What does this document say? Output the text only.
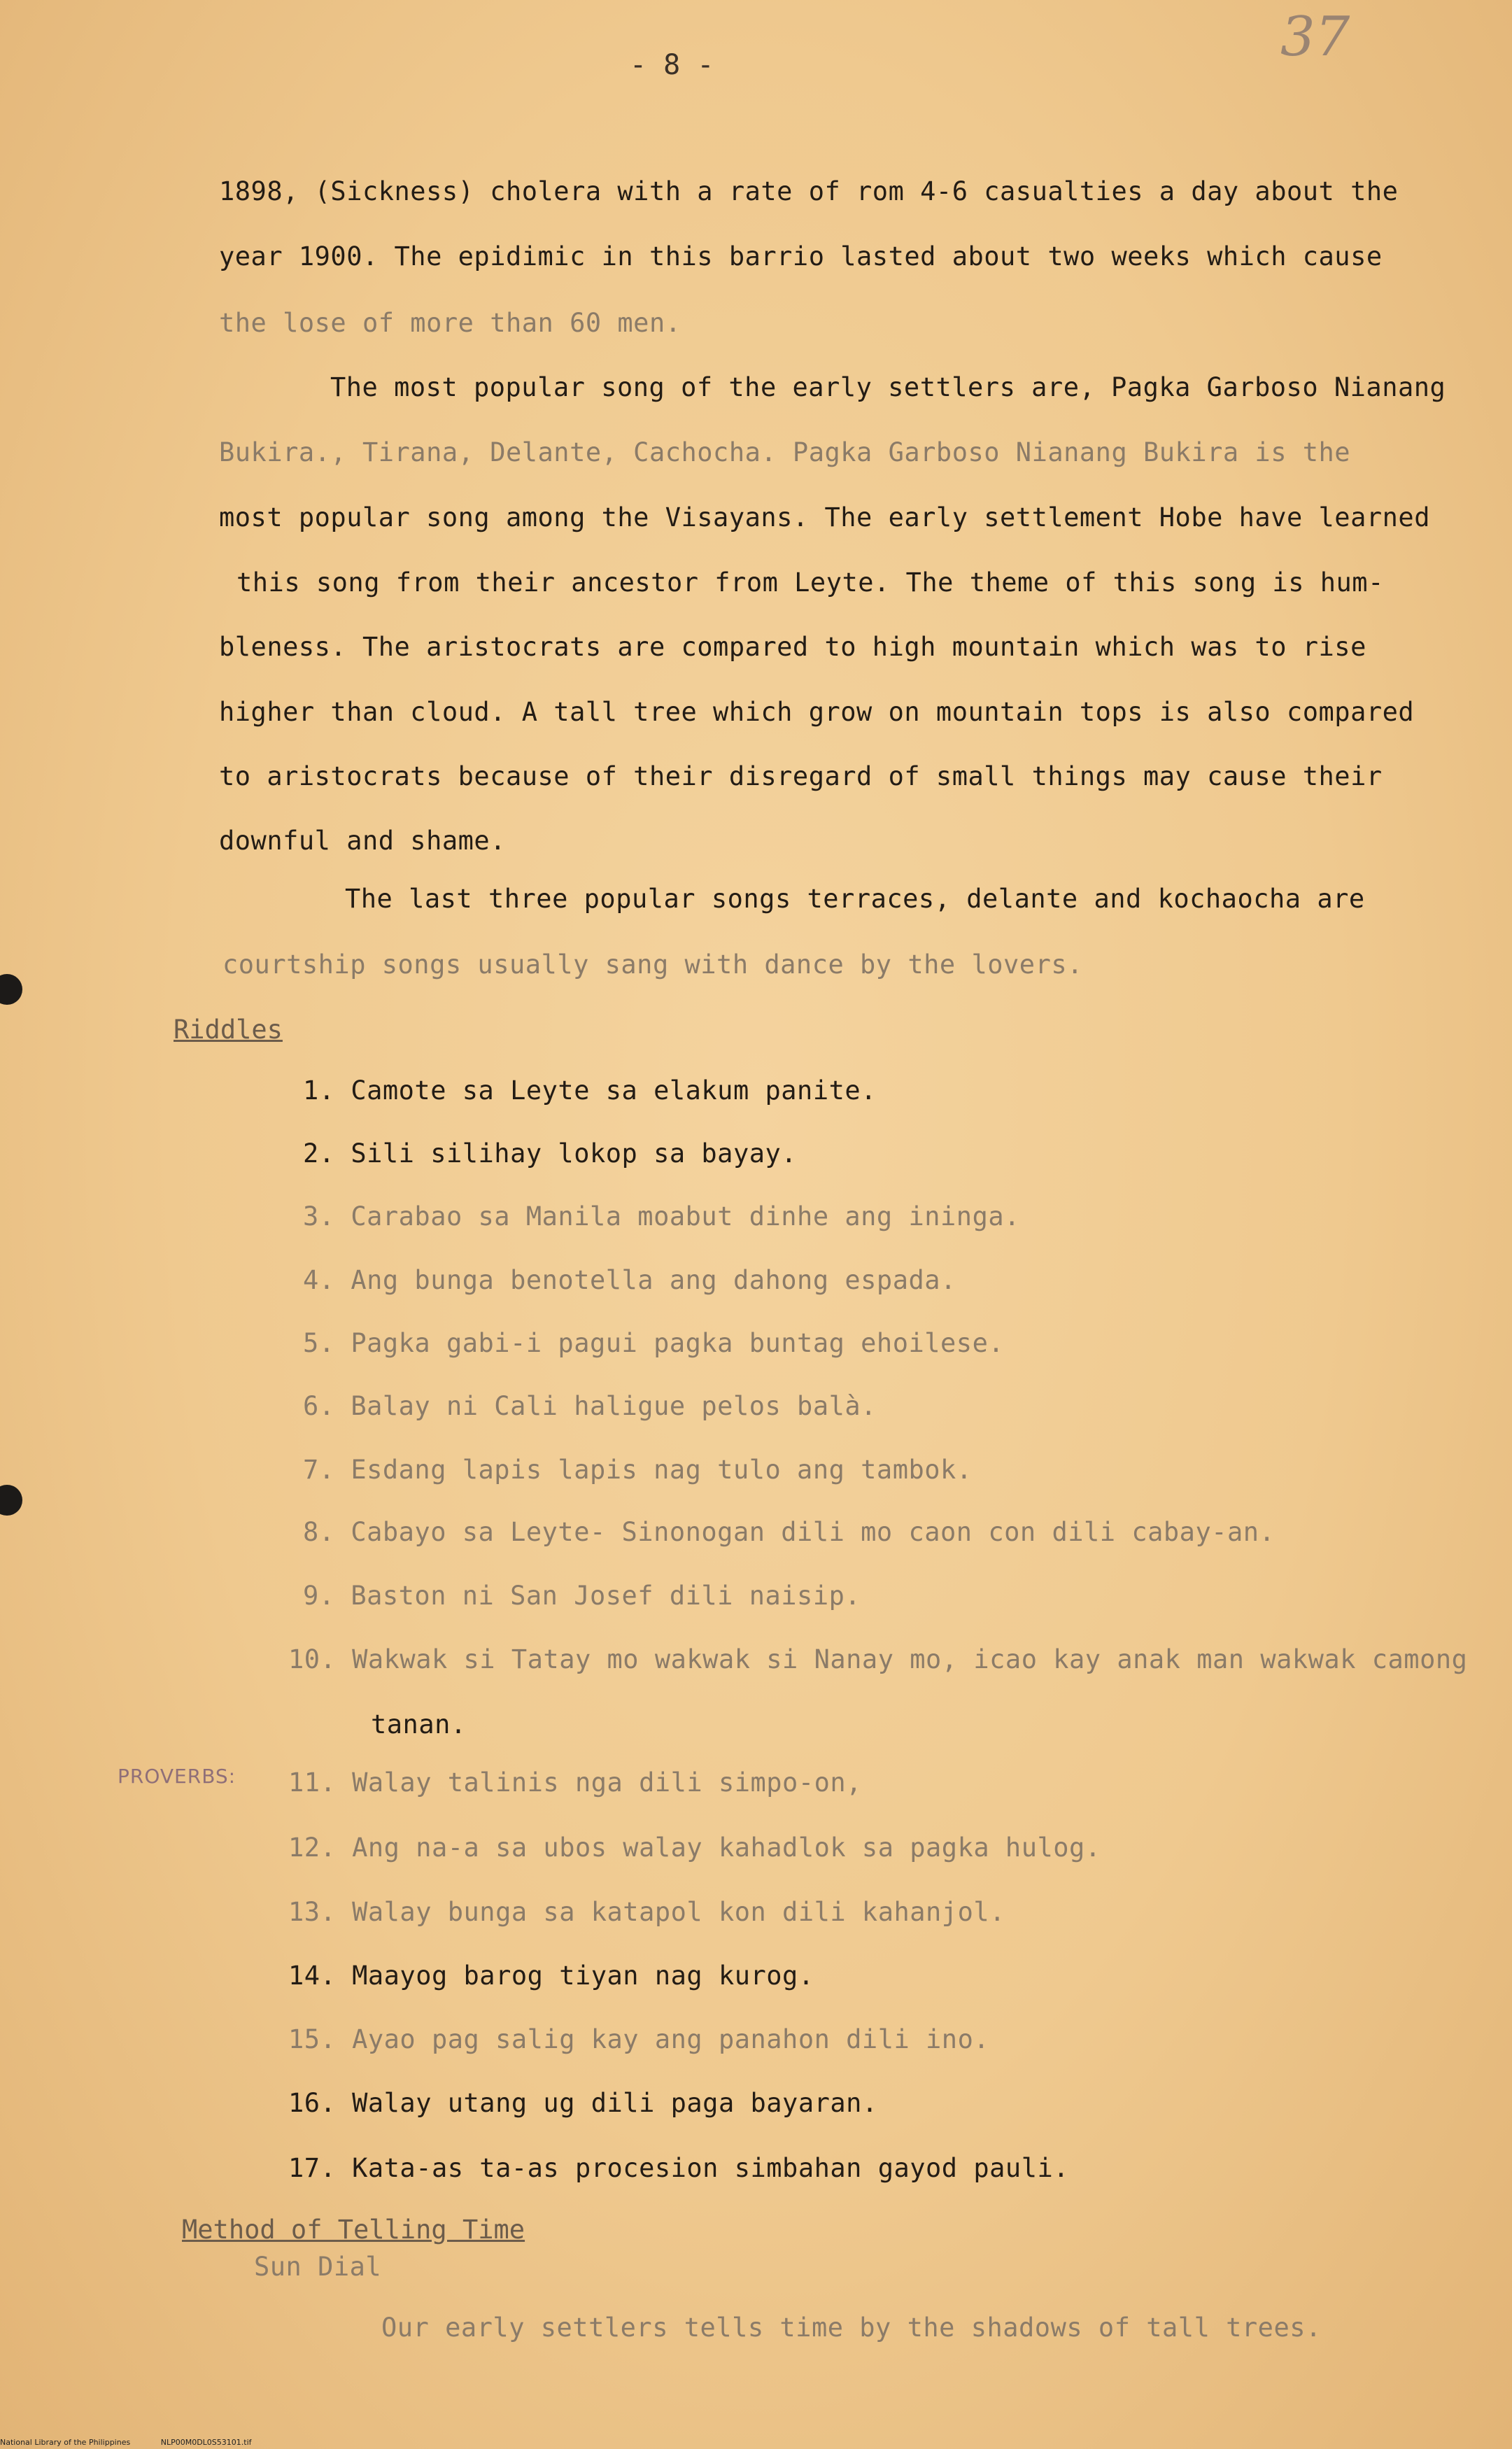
37
- 8 -
1898, (Sickness) cholera with a rate of rom 4-6 casualties a day about the
year 1900. The epidimic in this barrio lasted about two weeks which cause
the lose of more than 60 men.
The most popular song of the early settlers are, Pagka Garboso Nianang
Bukira., Tirana, Delante, Cachocha. Pagka Garboso Nianang Bukira is the
most popular song among the Visayans. The early settlement Hobe have learned
this song from their ancestor from Leyte. The theme of this song is hum-
bleness. The aristocrats are compared to high mountain which was to rise
higher than cloud. A tall tree which grow on mountain tops is also compared
to aristocrats because of their disregard of small things may cause their
downful and shame.
The last three popular songs terraces, delante and kochaocha are
courtship songs usually sang with dance by the lovers.
Riddles
1. Camote sa Leyte sa elakum panite.
2. Sili silihay lokop sa bayay.
3. Carabao sa Manila moabut dinhe ang ininga.
4. Ang bunga benotella ang dahong espada.
5. Pagka gabi-i pagui pagka buntag ehoilese.
6. Balay ni Cali haligue pelos balà.
7. Esdang lapis lapis nag tulo ang tambok.
8. Cabayo sa Leyte- Sinonogan dili mo caon con dili cabay-an.
9. Baston ni San Josef dili naisip.
10. Wakwak si Tatay mo wakwak si Nanay mo, icao kay anak man wakwak camong
tanan.
PROVERBS: 11. Walay talinis nga dili simpo-on,
12. Ang na-a sa ubos walay kahadlok sa pagka hulog.
13. Walay bunga sa katapol kon dili kahanjol.
14. Maayog barog tiyan nag kurog.
15. Ayao pag salig kay ang panahon dili ino.
16. Walay utang ug dili paga bayaran.
17. Kata-as ta-as procesion simbahan gayod pauli.
Method of Telling Time
Sun Dial
Our early settlers tells time by the shadows of tall trees.
National Library of the Philippines	NLP00M0DL0S53101.tif
